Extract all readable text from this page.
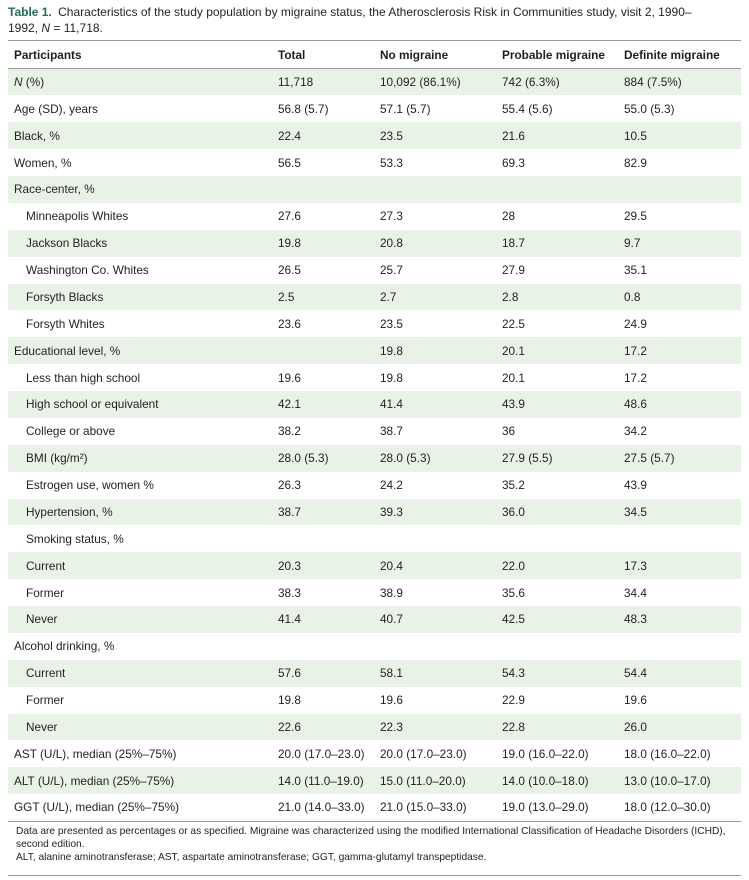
Table 1. Characteristics of the study population by migraine status, the Atherosclerosis Risk in Communities study, visit 2, 1990–
1992, N = 11,718.
Participants	Total	No migraine	Probable migraine	Definite migraine
N (%)	11,718	10,092 (86.1%)	742 (6.3%)	884 (7.5%)
Age (SD), years	56.8 (5.7)	57.1 (5.7)	55.4 (5.6)	55.0 (5.3)
Black, %	22.4	23.5	21.6	10.5
Women, %	56.5	53.3	69.3	82.9
Race-center, %				
Minneapolis Whites	27.6	27.3	28	29.5
Jackson Blacks	19.8	20.8	18.7	9.7
Washington Co. Whites	26.5	25.7	27.9	35.1
Forsyth Blacks	2.5	2.7	2.8	0.8
Forsyth Whites	23.6	23.5	22.5	24.9
Educational level, %		19.8	20.1	17.2
Less than high school	19.6	19.8	20.1	17.2
High school or equivalent	42.1	41.4	43.9	48.6
College or above	38.2	38.7	36	34.2
BMI (kg/m²)	28.0 (5.3)	28.0 (5.3)	27.9 (5.5)	27.5 (5.7)
Estrogen use, women %	26.3	24.2	35.2	43.9
Hypertension, %	38.7	39.3	36.0	34.5
Smoking status, %				
Current	20.3	20.4	22.0	17.3
Former	38.3	38.9	35.6	34.4
Never	41.4	40.7	42.5	48.3
Alcohol drinking, %				
Current	57.6	58.1	54.3	54.4
Former	19.8	19.6	22.9	19.6
Never	22.6	22.3	22.8	26.0
AST (U/L), median (25%–75%)	20.0 (17.0–23.0)	20.0 (17.0–23.0)	19.0 (16.0–22.0)	18.0 (16.0–22.0)
ALT (U/L), median (25%–75%)	14.0 (11.0–19.0)	15.0 (11.0–20.0)	14.0 (10.0–18.0)	13.0 (10.0–17.0)
GGT (U/L), median (25%–75%)	21.0 (14.0–33.0)	21.0 (15.0–33.0)	19.0 (13.0–29.0)	18.0 (12.0–30.0)
Data are presented as percentages or as specified. Migraine was characterized using the modified International Classification of Headache Disorders (ICHD), second edition.
ALT, alanine aminotransferase; AST, aspartate aminotransferase; GGT, gamma-glutamyl transpeptidase.
